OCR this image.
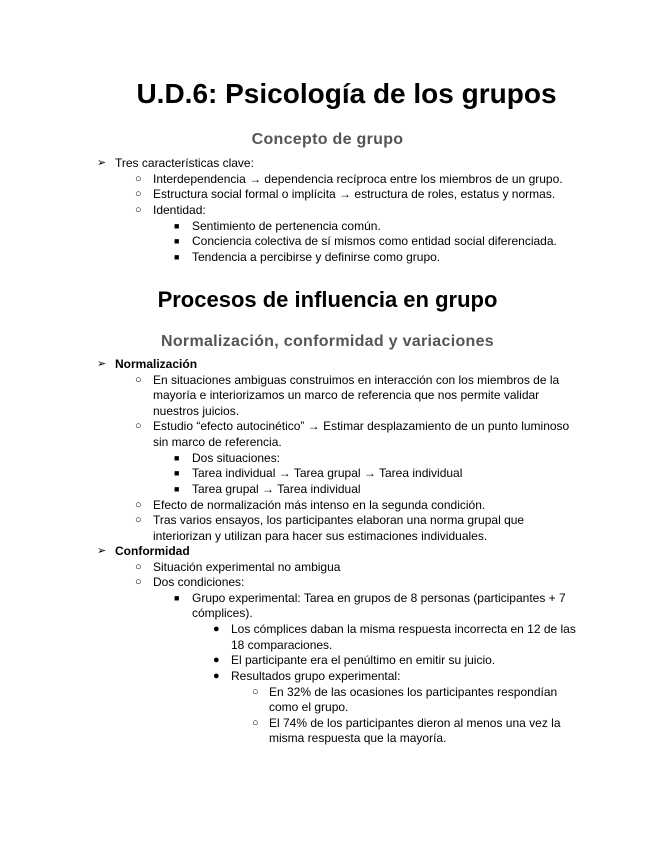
U.D.6: Psicología de los grupos
Concepto de grupo
➢ Tres características clave:
○ Interdependencia → dependencia recíproca entre los miembros de un grupo.
○ Estructura social formal o implícita → estructura de roles, estatus y normas.
○ Identidad:
■ Sentimiento de pertenencia común.
■ Conciencia colectiva de sí mismos como entidad social diferenciada.
■ Tendencia a percibirse y definirse como grupo.
Procesos de influencia en grupo
Normalización, conformidad y variaciones
➢ Normalización
○ En situaciones ambiguas construimos en interacción con los miembros de la
mayoría e interiorizamos un marco de referencia que nos permite validar
nuestros juicios.
○ Estudio “efecto autocinético” → Estimar desplazamiento de un punto luminoso
sin marco de referencia.
■ Dos situaciones:
■ Tarea individual → Tarea grupal → Tarea individual
■ Tarea grupal → Tarea individual
○ Efecto de normalización más intenso en la segunda condición.
○ Tras varios ensayos, los participantes elaboran una norma grupal que
interiorizan y utilizan para hacer sus estimaciones individuales.
➢ Conformidad
○ Situación experimental no ambigua
○ Dos condiciones:
■ Grupo experimental: Tarea en grupos de 8 personas (participantes + 7
cómplices).
● Los cómplices daban la misma respuesta incorrecta en 12 de las
18 comparaciones.
● El participante era el penúltimo en emitir su juicio.
● Resultados grupo experimental:
○ En 32% de las ocasiones los participantes respondían
como el grupo.
○ El 74% de los participantes dieron al menos una vez la
misma respuesta que la mayoría.
